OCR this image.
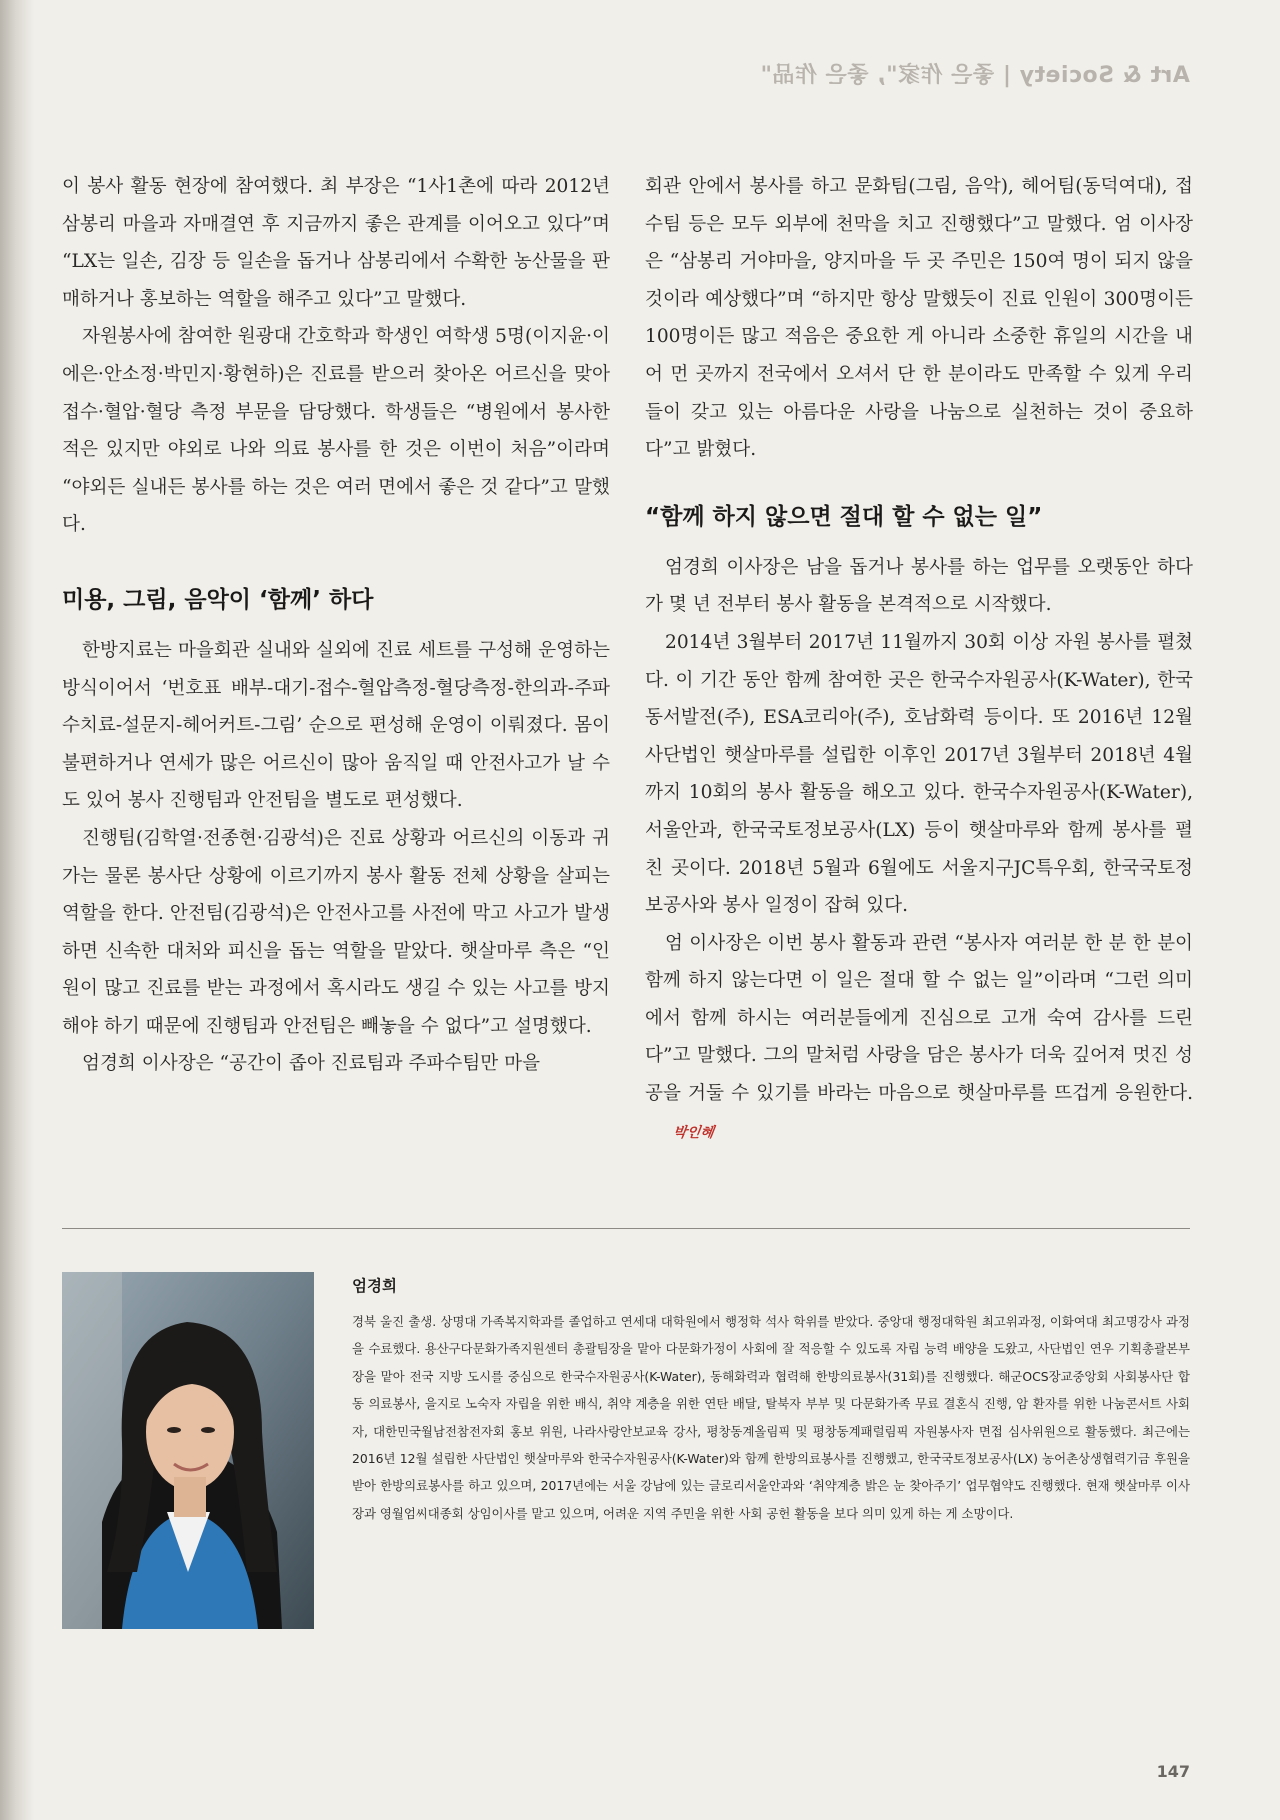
Art & Society | 좋은 作家", 좋은 作品"

이 봉사 활동 현장에 참여했다. 최 부장은 “1사1촌에 따라 2012년 삼봉리 마을과 자매결연 후 지금까지 좋은 관계를 이어오고 있다”며 “LX는 일손, 김장 등 일손을 돕거나 삼봉리에서 수확한 농산물을 판매하거나 홍보하는 역할을 해주고 있다”고 말했다.

자원봉사에 참여한 원광대 간호학과 학생인 여학생 5명(이지윤·이에은·안소정·박민지·황현하)은 진료를 받으러 찾아온 어르신을 맞아 접수·혈압·혈당 측정 부문을 담당했다. 학생들은 “병원에서 봉사한 적은 있지만 야외로 나와 의료 봉사를 한 것은 이번이 처음”이라며 “야외든 실내든 봉사를 하는 것은 여러 면에서 좋은 것 같다”고 말했다.

미용, 그림, 음악이 ‘함께’ 하다

한방지료는 마을회관 실내와 실외에 진료 세트를 구성해 운영하는 방식이어서 ‘번호표 배부-대기-접수-혈압측정-혈당측정-한의과-주파수치료-설문지-헤어커트-그림’ 순으로 편성해 운영이 이뤄졌다. 몸이 불편하거나 연세가 많은 어르신이 많아 움직일 때 안전사고가 날 수도 있어 봉사 진행팀과 안전팀을 별도로 편성했다.

진행팀(김학열·전종현·김광석)은 진료 상황과 어르신의 이동과 귀가는 물론 봉사단 상황에 이르기까지 봉사 활동 전체 상황을 살피는 역할을 한다. 안전팀(김광석)은 안전사고를 사전에 막고 사고가 발생하면 신속한 대처와 피신을 돕는 역할을 맡았다. 햇살마루 측은 “인원이 많고 진료를 받는 과정에서 혹시라도 생길 수 있는 사고를 방지해야 하기 때문에 진행팀과 안전팀은 빼놓을 수 없다”고 설명했다.

엄경희 이사장은 “공간이 좁아 진료팀과 주파수팀만 마을

회관 안에서 봉사를 하고 문화팀(그림, 음악), 헤어팀(동덕여대), 접수팀 등은 모두 외부에 천막을 치고 진행했다”고 말했다. 엄 이사장은 “삼봉리 거야마을, 양지마을 두 곳 주민은 150여 명이 되지 않을 것이라 예상했다”며 “하지만 항상 말했듯이 진료 인원이 300명이든 100명이든 많고 적음은 중요한 게 아니라 소중한 휴일의 시간을 내어 먼 곳까지 전국에서 오셔서 단 한 분이라도 만족할 수 있게 우리들이 갖고 있는 아름다운 사랑을 나눔으로 실천하는 것이 중요하다”고 밝혔다.

“함께 하지 않으면 절대 할 수 없는 일”

엄경희 이사장은 남을 돕거나 봉사를 하는 업무를 오랫동안 하다가 몇 년 전부터 봉사 활동을 본격적으로 시작했다.

2014년 3월부터 2017년 11월까지 30회 이상 자원 봉사를 펼쳤다. 이 기간 동안 함께 참여한 곳은 한국수자원공사(K-Water), 한국동서발전(주), ESA코리아(주), 호남화력 등이다. 또 2016년 12월 사단법인 햇살마루를 설립한 이후인 2017년 3월부터 2018년 4월까지 10회의 봉사 활동을 해오고 있다. 한국수자원공사(K-Water), 서울안과, 한국국토정보공사(LX) 등이 햇살마루와 함께 봉사를 펼친 곳이다. 2018년 5월과 6월에도 서울지구JC특우회, 한국국토정보공사와 봉사 일정이 잡혀 있다.

엄 이사장은 이번 봉사 활동과 관련 “봉사자 여러분 한 분 한 분이 함께 하지 않는다면 이 일은 절대 할 수 없는 일”이라며 “그런 의미에서 함께 하시는 여러분들에게 진심으로 고개 숙여 감사를 드린다”고 말했다. 그의 말처럼 사랑을 담은 봉사가 더욱 깊어져 멋진 성공을 거둘 수 있기를 바라는 마음으로 햇살마루를 뜨겁게 응원한다.박인혜

엄경희

경북 울진 출생. 상명대 가족복지학과를 졸업하고 연세대 대학원에서 행정학 석사 학위를 받았다. 중앙대 행정대학원 최고위과정, 이화여대 최고명강사 과정을 수료했다. 용산구다문화가족지원센터 총괄팀장을 맡아 다문화가정이 사회에 잘 적응할 수 있도록 자립 능력 배양을 도왔고, 사단법인 연우 기획총괄본부장을 맡아 전국 지방 도시를 중심으로 한국수자원공사(K-Water), 동해화력과 협력해 한방의료봉사(31회)를 진행했다. 해군OCS장교중앙회 사회봉사단 합동 의료봉사, 을지로 노숙자 자립을 위한 배식, 취약 계층을 위한 연탄 배달, 탈북자 부부 및 다문화가족 무료 결혼식 진행, 암 환자를 위한 나눔콘서트 사회자, 대한민국월남전참전자회 홍보 위원, 나라사랑안보교육 강사, 평창동계올림픽 및 평창동계패럴림픽 자원봉사자 면접 심사위원으로 활동했다. 최근에는 2016년 12월 설립한 사단법인 햇살마루와 한국수자원공사(K-Water)와 함께 한방의료봉사를 진행했고, 한국국토정보공사(LX) 농어촌상생협력기금 후원을 받아 한방의료봉사를 하고 있으며, 2017년에는 서울 강남에 있는 글로리서울안과와 ‘취약계층 밝은 눈 찾아주기’ 업무협약도 진행했다. 현재 햇살마루 이사장과 영월엄씨대종회 상임이사를 맡고 있으며, 어려운 지역 주민을 위한 사회 공헌 활동을 보다 의미 있게 하는 게 소망이다.

147
